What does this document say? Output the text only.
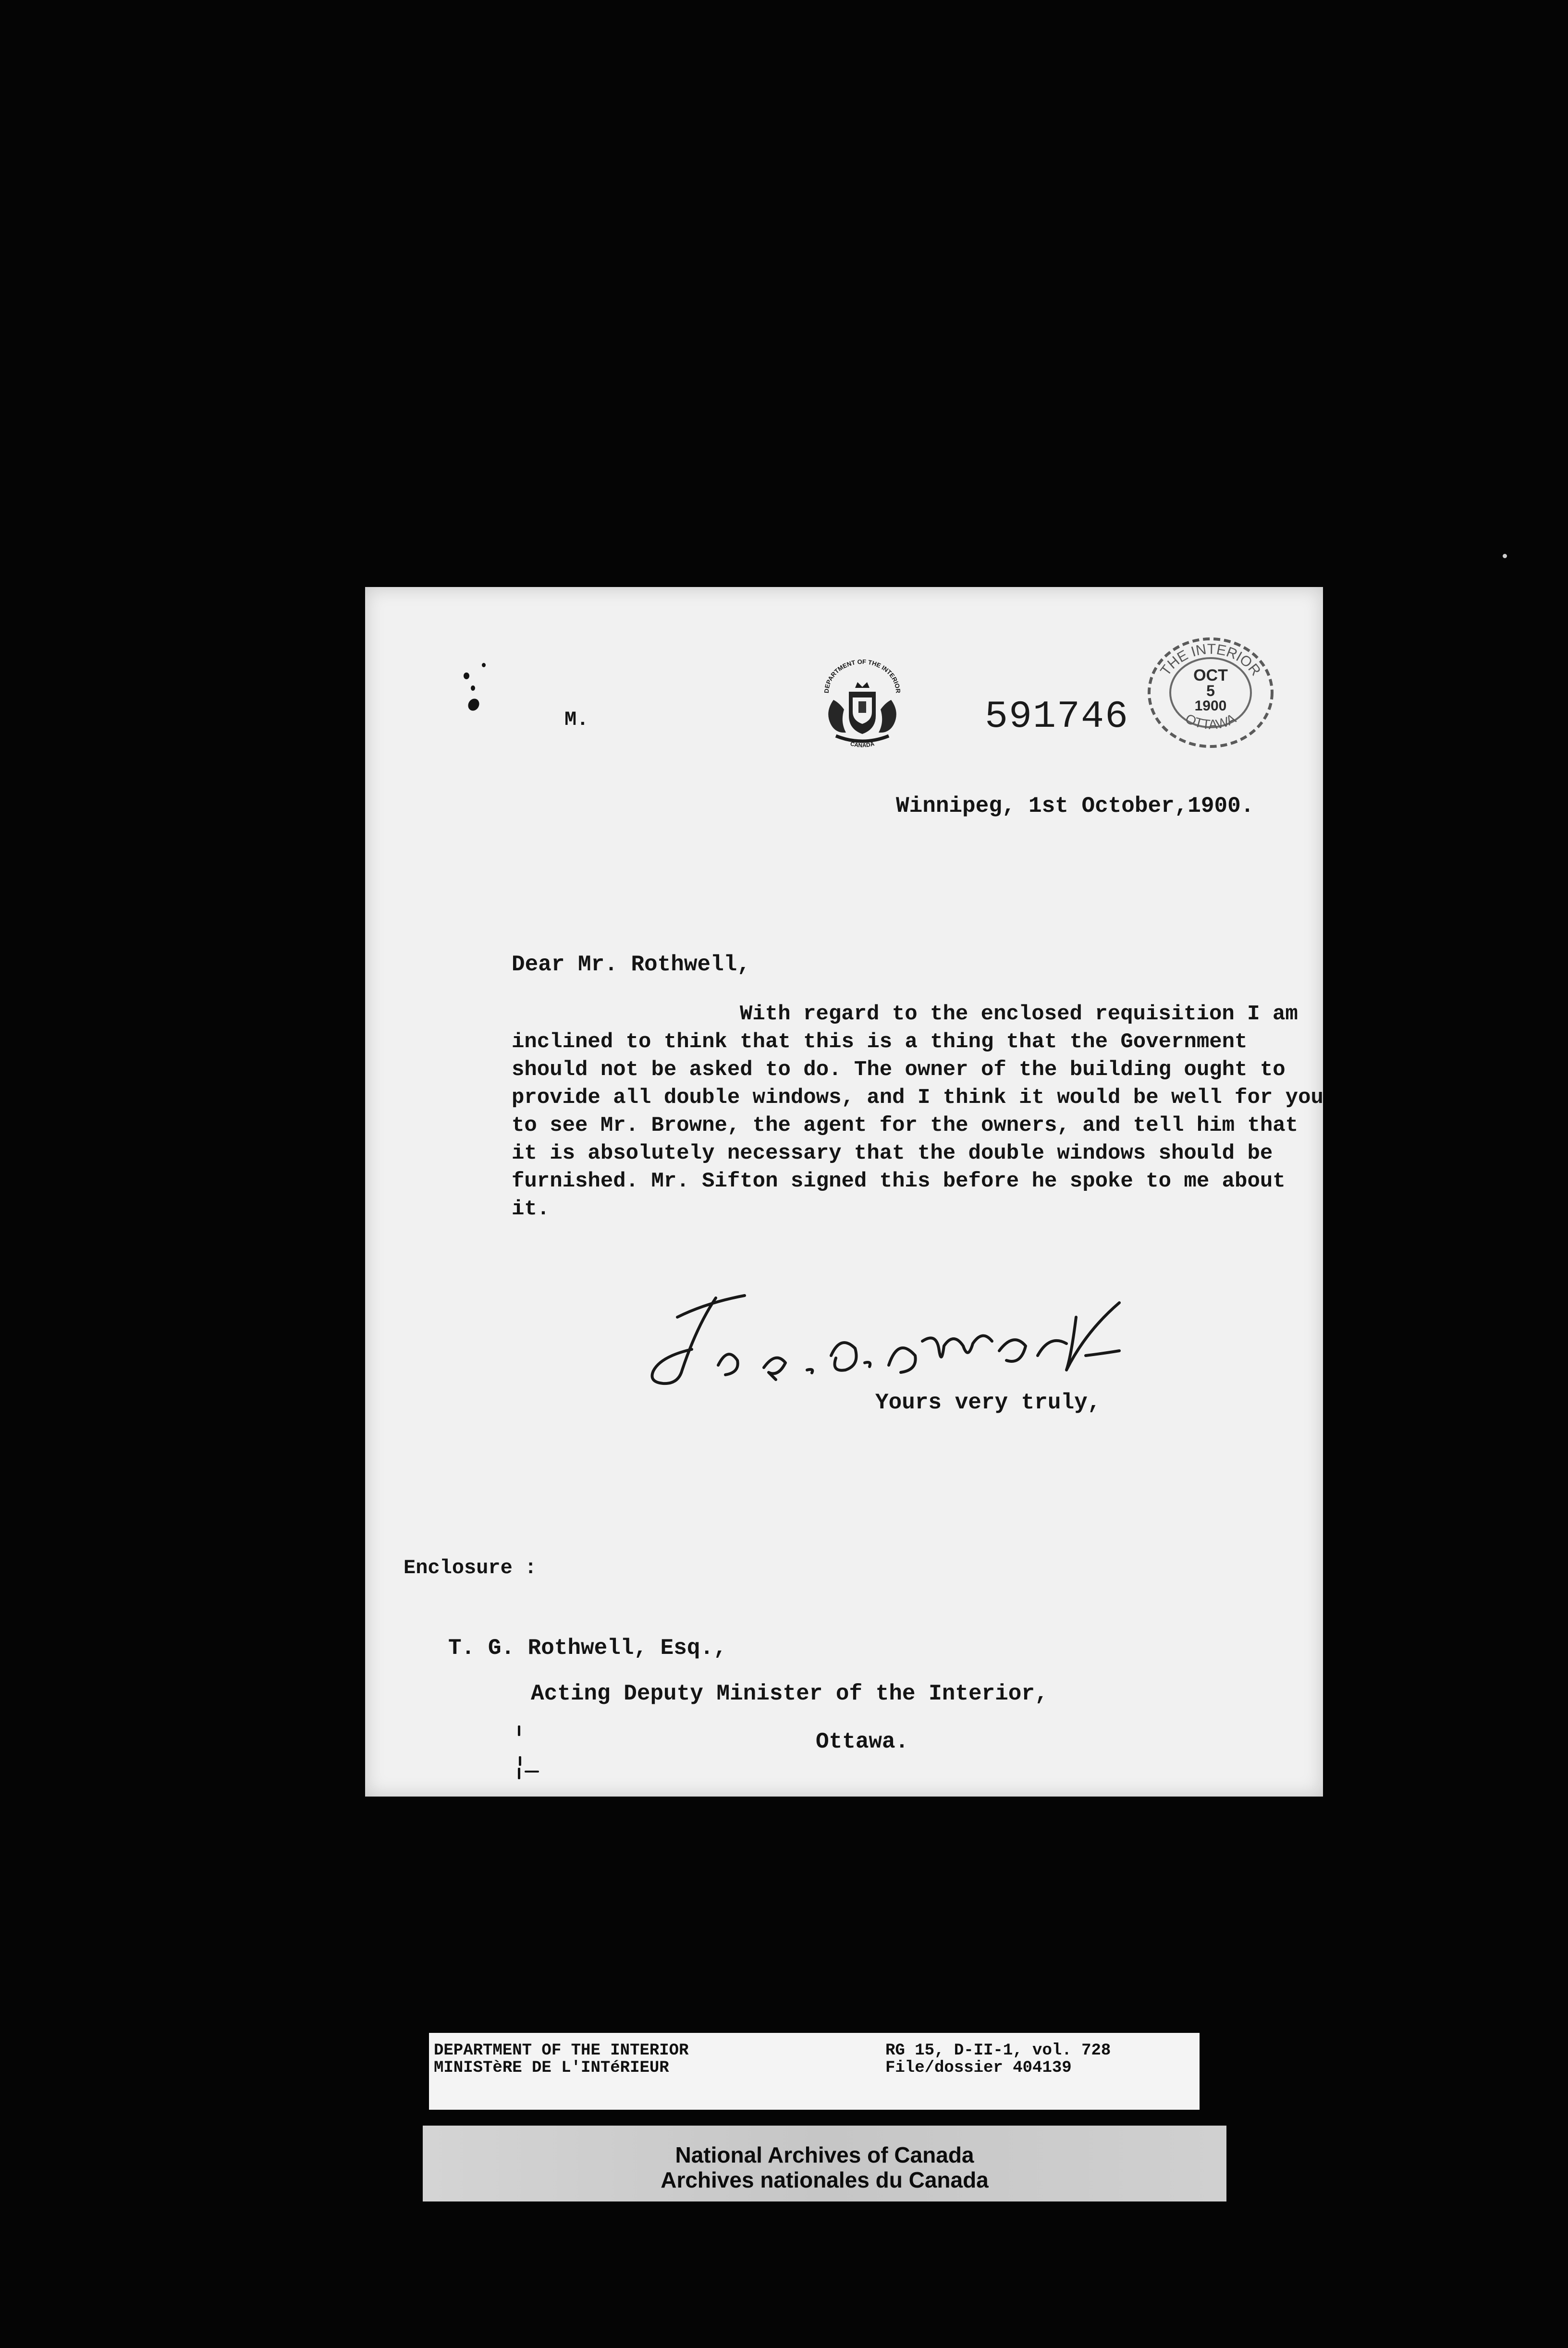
M.
DEPARTMENT OF THE INTERIOR
CANADA
591746
THE INTERIOR
OTTAWA
OCT
5
1900
Winnipeg, 1st October,1900.
Dear Mr. Rothwell,
With regard to the enclosed requisition I am
inclined to think that this is a thing that the Government
should not be asked to do. The owner of the building ought to
provide all double windows, and I think it would be well for you
to see Mr. Browne, the agent for the owners, and tell him that
it is absolutely necessary that the double windows should be
furnished. Mr. Sifton signed this before he spoke to me about
it.
Yours very truly,
Enclosure :
T. G. Rothwell, Esq.,
Acting Deputy Minister of the Interior,
Ottawa.
DEPARTMENT OF THE INTERIOR
MINISTèRE DE L'INTéRIEUR
RG 15, D-II-1, vol. 728
File/dossier 404139
National Archives of Canada
Archives nationales du Canada
